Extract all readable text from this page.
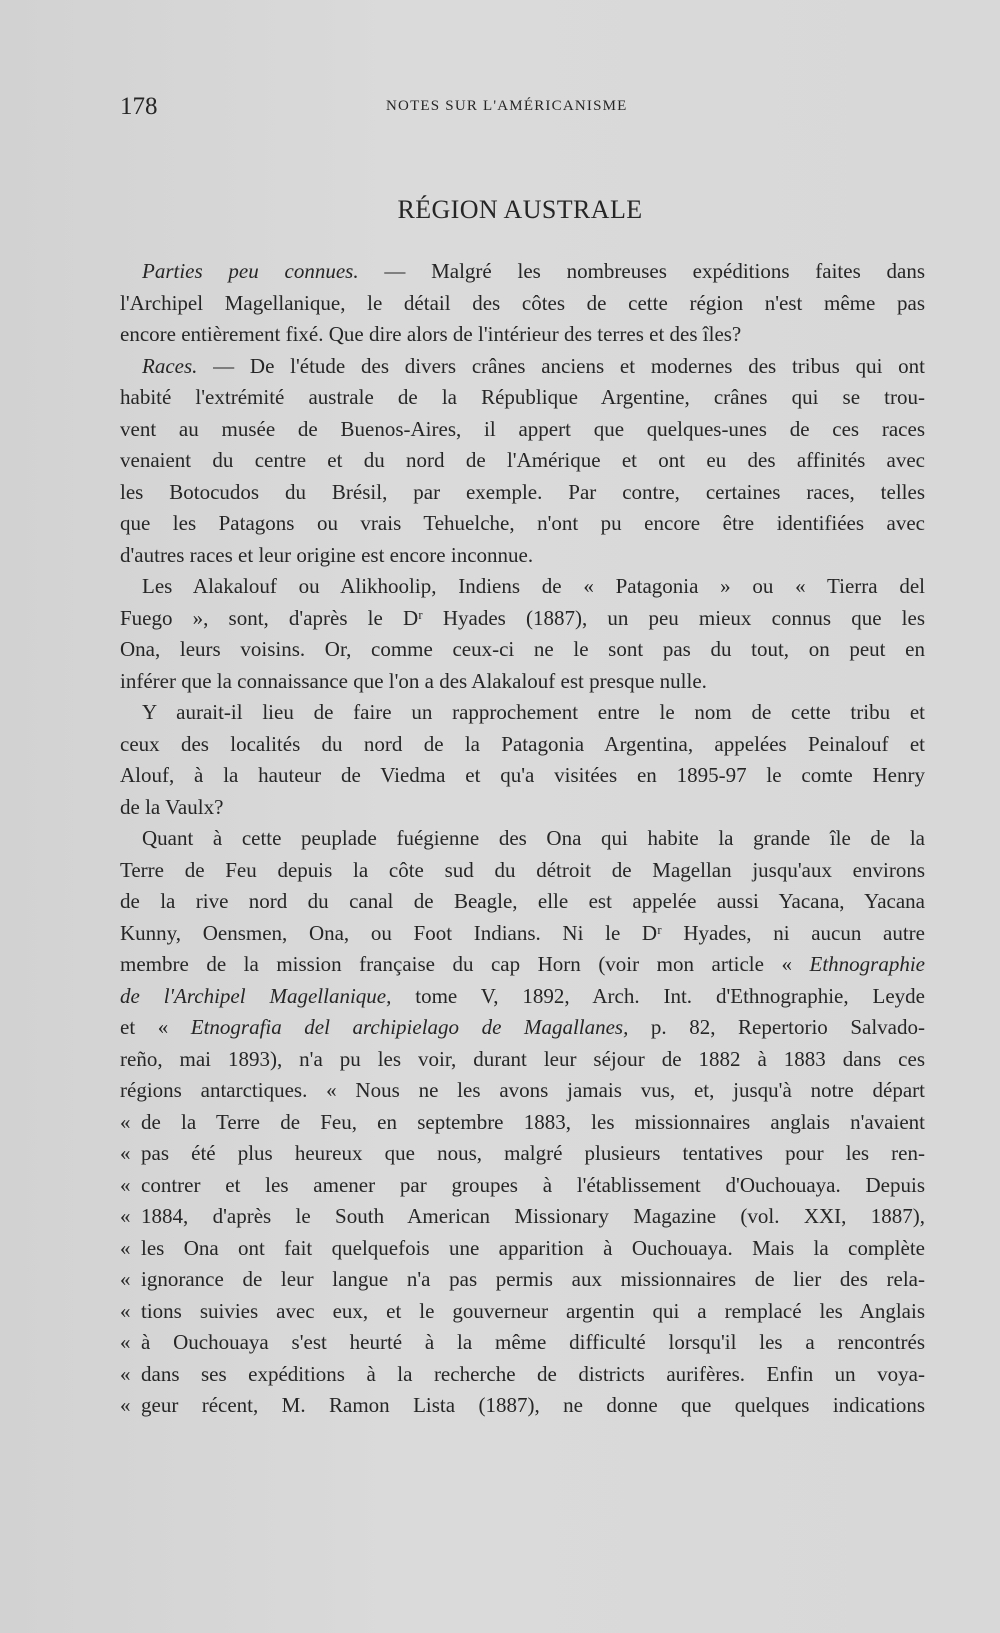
178	NOTES SUR L'AMÉRICANISME
RÉGION AUSTRALE
Parties peu connues. — Malgré les nombreuses expéditions faites dans
l'Archipel Magellanique, le détail des côtes de cette région n'est même pas
encore entièrement fixé. Que dire alors de l'intérieur des terres et des îles?
Races. — De l'étude des divers crânes anciens et modernes des tribus qui ont
habité l'extrémité australe de la République Argentine, crânes qui se trou-
vent au musée de Buenos-Aires, il appert que quelques-unes de ces races
venaient du centre et du nord de l'Amérique et ont eu des affinités avec
les Botocudos du Brésil, par exemple. Par contre, certaines races, telles
que les Patagons ou vrais Tehuelche, n'ont pu encore être identifiées avec
d'autres races et leur origine est encore inconnue.
Les Alakalouf ou Alikhoolip, Indiens de « Patagonia » ou « Tierra del
Fuego », sont, d'après le Dʳ Hyades (1887), un peu mieux connus que les
Ona, leurs voisins. Or, comme ceux-ci ne le sont pas du tout, on peut en
inférer que la connaissance que l'on a des Alakalouf est presque nulle.
Y aurait-il lieu de faire un rapprochement entre le nom de cette tribu et
ceux des localités du nord de la Patagonia Argentina, appelées Peinalouf et
Alouf, à la hauteur de Viedma et qu'a visitées en 1895-97 le comte Henry
de la Vaulx?
Quant à cette peuplade fuégienne des Ona qui habite la grande île de la
Terre de Feu depuis la côte sud du détroit de Magellan jusqu'aux environs
de la rive nord du canal de Beagle, elle est appelée aussi Yacana, Yacana
Kunny, Oensmen, Ona, ou Foot Indians. Ni le Dʳ Hyades, ni aucun autre
membre de la mission française du cap Horn (voir mon article « Ethnographie
de l'Archipel Magellanique, tome V, 1892, Arch. Int. d'Ethnographie, Leyde
et « Etnografia del archipielago de Magallanes, p. 82, Repertorio Salvado-
reño, mai 1893), n'a pu les voir, durant leur séjour de 1882 à 1883 dans ces
régions antarctiques. « Nous ne les avons jamais vus, et, jusqu'à notre départ
« de la Terre de Feu, en septembre 1883, les missionnaires anglais n'avaient
« pas été plus heureux que nous, malgré plusieurs tentatives pour les ren-
« contrer et les amener par groupes à l'établissement d'Ouchouaya. Depuis
« 1884, d'après le South American Missionary Magazine (vol. XXI, 1887),
« les Ona ont fait quelquefois une apparition à Ouchouaya. Mais la complète
« ignorance de leur langue n'a pas permis aux missionnaires de lier des rela-
« tions suivies avec eux, et le gouverneur argentin qui a remplacé les Anglais
« à Ouchouaya s'est heurté à la même difficulté lorsqu'il les a rencontrés
« dans ses expéditions à la recherche de districts aurifères. Enfin un voya-
« geur récent, M. Ramon Lista (1887), ne donne que quelques indications
